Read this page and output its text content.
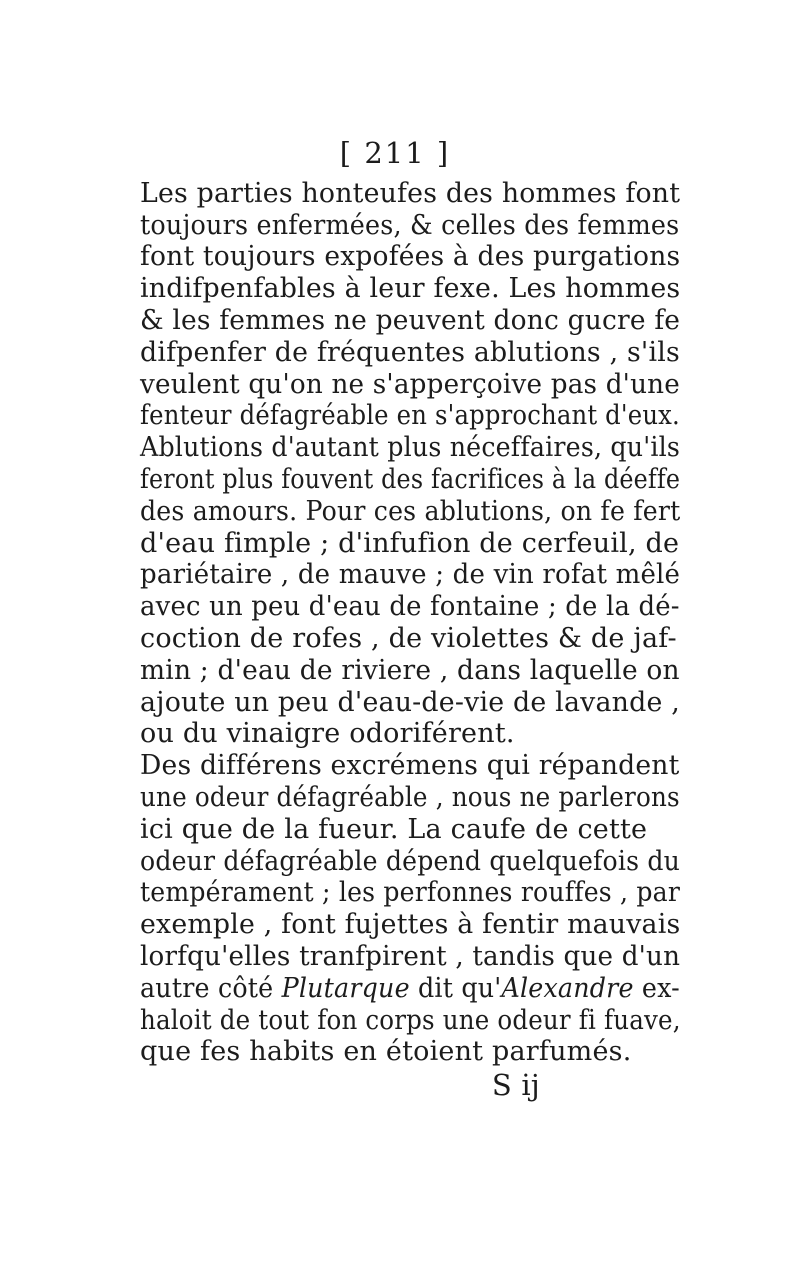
[ 211 ]
Les parties honteufes des hommes font
toujours enfermées, & celles des femmes
font toujours expofées à des purgations
indifpenfables à leur fexe. Les hommes
& les femmes ne peuvent donc gucre fe
difpenfer de fréquentes ablutions , s'ils
veulent qu'on ne s'apperçoive pas d'une
fenteur défagréable en s'approchant d'eux.
Ablutions d'autant plus néceffaires, qu'ils
feront plus fouvent des facrifices à la déeffe
des amours. Pour ces ablutions, on fe fert
d'eau fimple ; d'infufion de cerfeuil, de
pariétaire , de mauve ; de vin rofat mêlé
avec un peu d'eau de fontaine ; de la dé-
coction de rofes , de violettes & de jaf-
min ; d'eau de riviere , dans laquelle on
ajoute un peu d'eau-de-vie de lavande ,
ou du vinaigre odoriférent.
Des différens excrémens qui répandent
une odeur défagréable , nous ne parlerons
ici que de la fueur. La caufe de cette
odeur défagréable dépend quelquefois du
tempérament ; les perfonnes rouffes , par
exemple , font fujettes à fentir mauvais
lorfqu'elles tranfpirent , tandis que d'un
autre côté Plutarque dit qu'Alexandre ex-
haloit de tout fon corps une odeur fi fuave,
que fes habits en étoient parfumés.
S ij
